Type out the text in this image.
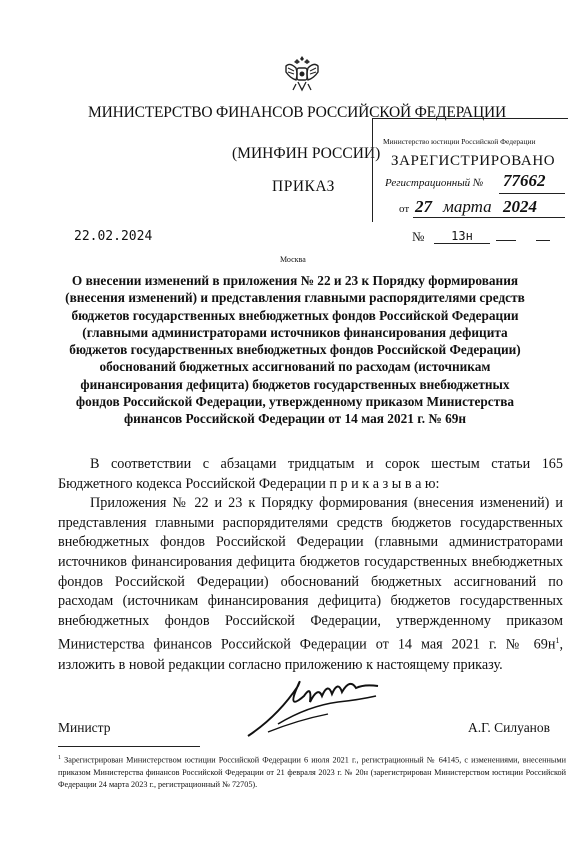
МИНИСТЕРСТВО ФИНАНСОВ РОССИЙСКОЙ ФЕДЕРАЦИИ
(МИНФИН РОССИИ)
ПРИКАЗ
Министерство юстиции Российской Федерации
ЗАРЕГИСТРИРОВАНО
Регистрационный № 77662
от 27 марта 2024
22.02.2024	№	13н
Москва
О внесении изменений в приложения № 22 и 23 к Порядку формирования (внесения изменений) и представления главными распорядителями средств бюджетов государственных внебюджетных фондов Российской Федерации (главными администраторами источников финансирования дефицита бюджетов государственных внебюджетных фондов Российской Федерации) обоснований бюджетных ассигнований по расходам (источникам финансирования дефицита) бюджетов государственных внебюджетных фондов Российской Федерации, утвержденному приказом Министерства финансов Российской Федерации от 14 мая 2021 г. № 69н

В соответствии с абзацами тридцатым и сорок шестым статьи 165 Бюджетного кодекса Российской Федерации п р и к а з ы в а ю:

Приложения № 22 и 23 к Порядку формирования (внесения изменений) и представления главными распорядителями средств бюджетов государственных внебюджетных фондов Российской Федерации (главными администраторами источников финансирования дефицита бюджетов государственных внебюджетных фондов Российской Федерации) обоснований бюджетных ассигнований по расходам (источникам финансирования дефицита) бюджетов государственных внебюджетных фондов Российской Федерации, утвержденному приказом Министерства финансов Российской Федерации от 14 мая 2021 г. № $69н^1$, изложить в новой редакции согласно приложению к настоящему приказу.

Министр	А.Г. Силуанов
$^1$ Зарегистрирован Министерством юстиции Российской Федерации 6 июля 2021 г., регистрационный № 64145, с изменениями, внесенными приказом Министерства финансов Российской Федерации от 21 февраля 2023 г. № 20н (зарегистрирован Министерством юстиции Российской Федерации 24 марта 2023 г., регистрационный № 72705).
